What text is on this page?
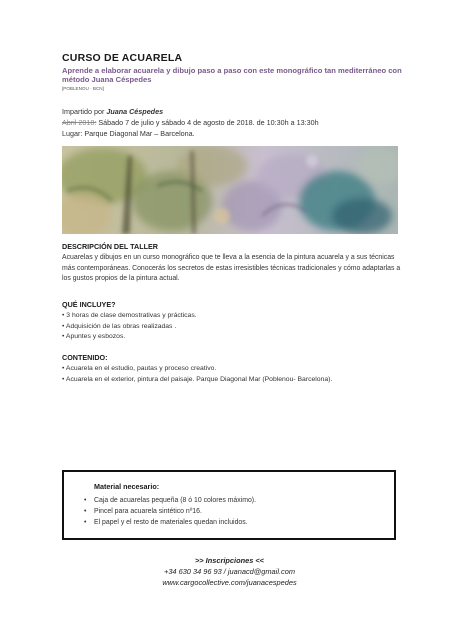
CURSO DE ACUARELA
Aprende a elaborar acuarela y dibujo paso a paso con este monográfico tan mediterráneo con método Juana Céspedes
[POBLENOU · BCN]
Impartido por Juana Céspedes
Abril 2018: Sábado 7 de julio y sábado 4 de agosto de 2018. de 10:30h a 13:30h
Lugar: Parque Diagonal Mar – Barcelona.
DESCRIPCIÓN DEL TALLER
Acuarelas y dibujos en un curso monográfico que te lleva a la esencia de la pintura acuarela y a sus técnicas más contemporáneas. Conocerás los secretos de estas irresistibles técnicas tradicionales y cómo adaptarlas a los gustos propios de la pintura actual.
QUÉ INCLUYE?
• 3 horas de clase demostrativas y prácticas.
• Adquisición de las obras realizadas .
• Apuntes y esbozos.
CONTENIDO:
• Acuarela en el estudio, pautas y proceso creativo.
• Acuarela en el exterior, pintura del paisaje. Parque Diagonal Mar (Poblenou- Barcelona).
Material necesario:
• Caja de acuarelas pequeña (8 ó 10 colores máximo).
• Pincel para acuarela sintético nº16.
• El papel y el resto de materiales quedan incluidos.
>> Inscripciones <<
+34 630 34 96 93 / juanacd@gmail.com
www.cargocollective.com/juanacespedes
